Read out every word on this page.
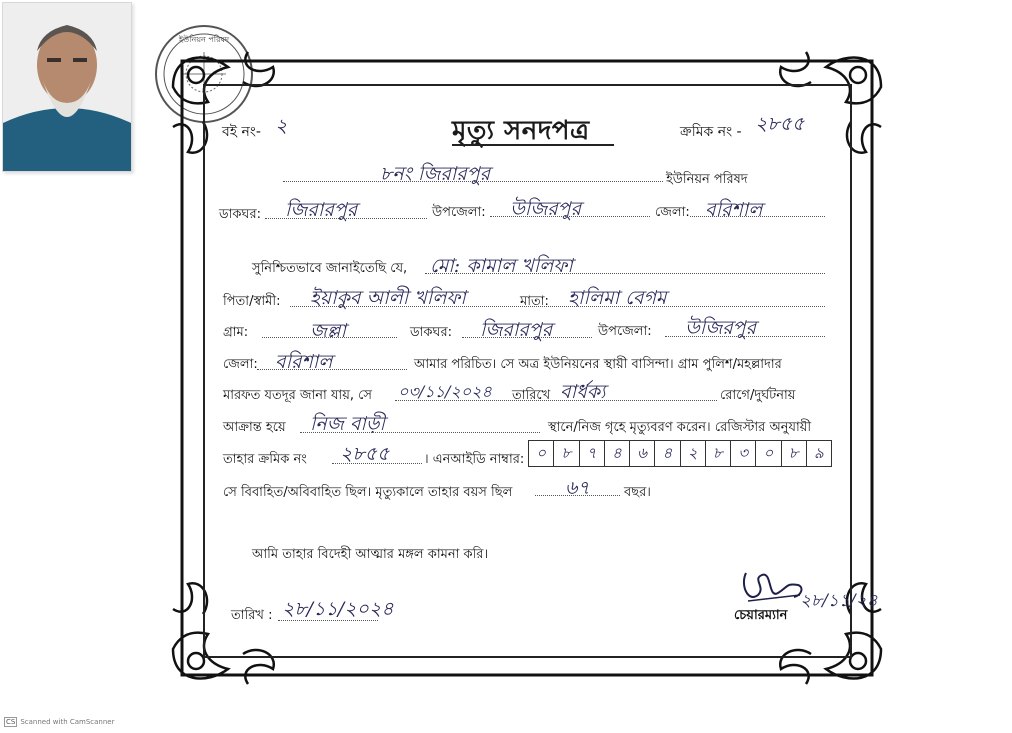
ইউনিয়ন পরিষদ
বই নং- ২	মৃত্যু সনদপত্র	ক্রমিক নং - ২৮৫৫
৮নং জিরারপুর	ইউনিয়ন পরিষদ
ডাকঘর: জিরারপুর	উপজেলা: উজিরপুর	জেলা: বরিশাল
সুনিশ্চিতভাবে জানাইতেছি যে, মো: কামাল খলিফা
পিতা/স্বামী: ইয়াকুব আলী খলিফা	মাতা: হালিমা বেগম
গ্রাম:	জল্লা	ডাকঘর: জিরারপুর	উপজেলা: উজিরপুর
জেলা: বরিশাল	আমার পরিচিত। সে অত্র ইউনিয়নের স্থায়ী বাসিন্দা। গ্রাম পুলিশ/মহল্লাদার
মারফত যতদূর জানা যায়, সে ০৩/১১/২০২৪ তারিখে বার্ধক্য	রোগে/দুর্ঘটনায়
আক্রান্ত হয়ে নিজ বাড়ী	স্থানে/নিজ গৃহে মৃত্যুবরণ করেন। রেজিস্টার অনুযায়ী
তাহার ক্রমিক নং ২৮৫৫	। এনআইডি নাম্বার: ০	৮	৭	৪	৬	৪	২	৮	৩	০	৮	৯
সে বিবাহিত/অবিবাহিত ছিল। মৃত্যুকালে তাহার বয়স ছিল	৬৭	বছর।
আমি তাহার বিদেহী আত্মার মঙ্গল কামনা করি।
তারিখ : ২৮/১১/২০২৪	২৮/১১/২৪
চেয়ারম্যান
CS Scanned with CamScanner
